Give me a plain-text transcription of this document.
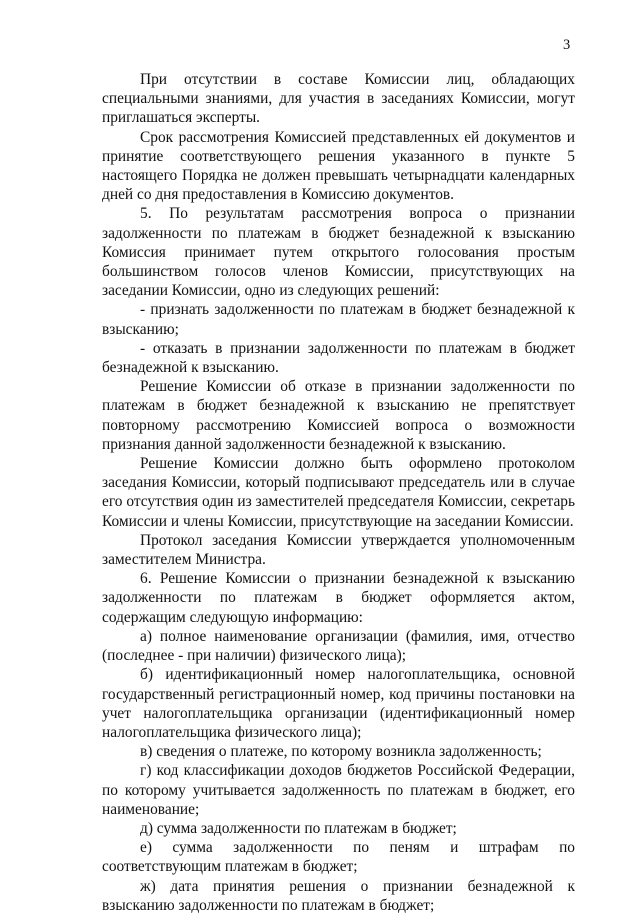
3

При отсутствии в составе Комиссии лиц, обладающих специальными знаниями, для участия в заседаниях Комиссии, могут приглашаться эксперты.

Срок рассмотрения Комиссией представленных ей документов и принятие соответствующего решения указанного в пункте 5 настоящего Порядка не должен превышать четырнадцати календарных дней со дня предоставления в Комиссию документов.

5. По результатам рассмотрения вопроса о признании задолженности по платежам в бюджет безнадежной к взысканию Комиссия принимает путем открытого голосования простым большинством голосов членов Комиссии, присутствующих на заседании Комиссии, одно из следующих решений:

- признать задолженности по платежам в бюджет безнадежной к взысканию;

- отказать в признании задолженности по платежам в бюджет безнадежной к взысканию.

Решение Комиссии об отказе в признании задолженности по платежам в бюджет безнадежной к взысканию не препятствует повторному рассмотрению Комиссией вопроса о возможности признания данной задолженности безнадежной к взысканию.

Решение Комиссии должно быть оформлено протоколом заседания Комиссии, который подписывают председатель или в случае его отсутствия один из заместителей председателя Комиссии, секретарь Комиссии и члены Комиссии, присутствующие на заседании Комиссии.

Протокол заседания Комиссии утверждается уполномоченным заместителем Министра.

6. Решение Комиссии о признании безнадежной к взысканию задолженности по платежам в бюджет оформляется актом, содержащим следующую информацию:

а) полное наименование организации (фамилия, имя, отчество (последнее - при наличии) физического лица);

б) идентификационный номер налогоплательщика, основной государственный регистрационный номер, код причины постановки на учет налогоплательщика организации (идентификационный номер налогоплательщика физического лица);

в) сведения о платеже, по которому возникла задолженность;

г) код классификации доходов бюджетов Российской Федерации, по которому учитывается задолженность по платежам в бюджет, его наименование;

д) сумма задолженности по платежам в бюджет;

е) сумма задолженности по пеням и штрафам по соответствующим платежам в бюджет;

ж) дата принятия решения о признании безнадежной к взысканию задолженности по платежам в бюджет;
